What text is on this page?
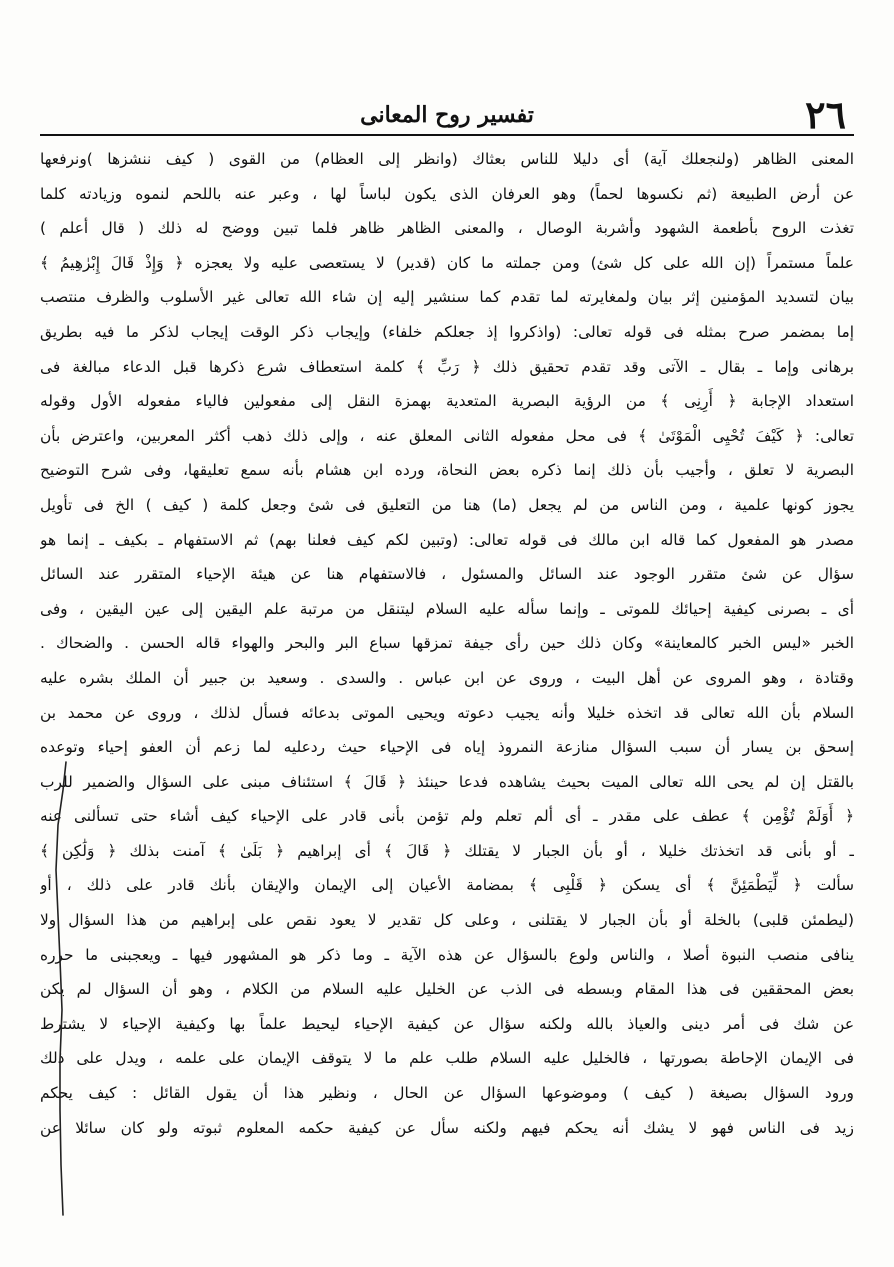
٢٦
تفسير روح المعانى
المعنى الظاهر (ولنجعلك آية) أى دليلا للناس بعثاك (وانظر إلى العظام) من القوى ( كيف ننشزها )ونرفعها
عن أرض الطبيعة (ثم نكسوها لحماً) وهو العرفان الذى يكون لباساً لها ، وعبر عنه باللحم لنموه وزيادته كلما
تغذت الروح بأطعمة الشهود وأشربة الوصال ، والمعنى الظاهر ظاهر فلما تبين ووضح له ذلك ( قال أعلم )
علماً مستمراً (إن الله على كل شئ) ومن جملته ما كان (قدير) لا يستعصى عليه ولا يعجزه ﴿ وَإِذْ قَالَ إِبْرٰهِيمُ ﴾
بيان لتسديد المؤمنين إثر بيان ولمغايرته لما تقدم كما سنشير إليه إن شاء الله تعالى غير الأسلوب والظرف منتصب
إما بمضمر صرح بمثله فى قوله تعالى: (واذكروا إذ جعلكم خلفاء) وإيجاب ذكر الوقت إيجاب لذكر ما فيه بطريق
برهانى وإما ـ بقال ـ الآتى وقد تقدم تحقيق ذلك ﴿ رَبِّ ﴾ كلمة استعطاف شرع ذكرها قبل الدعاء مبالغة فى
استعداد الإجابة ﴿ أَرِنِى ﴾ من الرؤية البصرية المتعدية بهمزة النقل إلى مفعولين فالياء مفعوله الأول وقوله
تعالى: ﴿ كَيْفَ تُحْيِى الْمَوْتَىٰ ﴾ فى محل مفعوله الثانى المعلق عنه ، وإلى ذلك ذهب أكثر المعربين، واعترض بأن
البصرية لا تعلق ، وأجيب بأن ذلك إنما ذكره بعض النحاة، ورده ابن هشام بأنه سمع تعليقها، وفى شرح التوضيح
يجوز كونها علمية ، ومن الناس من لم يجعل (ما) هنا من التعليق فى شئ وجعل كلمة ( كيف ) الخ فى تأويل
مصدر هو المفعول كما قاله ابن مالك فى قوله تعالى: (وتبين لكم كيف فعلنا بهم) ثم الاستفهام ـ بكيف ـ إنما هو
سؤال عن شئ متقرر الوجود عند السائل والمسئول ، فالاستفهام هنا عن هيئة الإحياء المتقرر عند السائل
أى ـ بصرنى كيفية إحيائك للموتى ـ وإنما سأله عليه السلام ليتنقل من مرتبة علم اليقين إلى عين اليقين ، وفى
الخبر «ليس الخبر كالمعاينة» وكان ذلك حين رأى جيفة تمزقها سباع البر والبحر والهواء قاله الحسن . والضحاك .
وقتادة ، وهو المروى عن أهل البيت ، وروى عن ابن عباس . والسدى . وسعيد بن جبير أن الملك بشره عليه
السلام بأن الله تعالى قد اتخذه خليلا وأنه يجيب دعوته ويحيى الموتى بدعائه فسأل لذلك ، وروى عن محمد بن
إسحق بن يسار أن سبب السؤال منازعة النمروذ إياه فى الإحياء حيث ردعليه لما زعم أن العفو إحياء وتوعده
بالقتل إن لم يحى الله تعالى الميت بحيث يشاهده فدعا حينئذ ﴿ قَالَ ﴾ استئناف مبنى على السؤال والضمير للرب
﴿ أَوَلَمْ تُؤْمِن ﴾ عطف على مقدر ـ أى ألم تعلم ولم تؤمن بأنى قادر على الإحياء كيف أشاء حتى تسألنى عنه
ـ أو بأنى قد اتخذتك خليلا ، أو بأن الجبار لا يقتلك ﴿ قَالَ ﴾ أى إبراهيم ﴿ بَلَىٰ ﴾ آمنت بذلك ﴿ وَلَٰكِن ﴾
سألت ﴿ لِّيَطْمَئِنَّ ﴾ أى يسكن ﴿ قَلْبِى ﴾ بمضامة الأعيان إلى الإيمان والإيقان بأنك قادر على ذلك ، أو
(ليطمئن قلبى) بالخلة أو بأن الجبار لا يقتلنى ، وعلى كل تقدير لا يعود نقص على إبراهيم من هذا السؤال ولا
ينافى منصب النبوة أصلا ، والناس ولوع بالسؤال عن هذه الآية ـ وما ذكر هو المشهور فيها ـ ويعجبنى ما حرره
بعض المحققين فى هذا المقام وبسطه فى الذب عن الخليل عليه السلام من الكلام ، وهو أن السؤال لم يكن
عن شك فى أمر دينى والعياذ بالله ولكنه سؤال عن كيفية الإحياء ليحيط علماً بها وكيفية الإحياء لا يشترط
فى الإيمان الإحاطة بصورتها ، فالخليل عليه السلام طلب علم ما لا يتوقف الإيمان على علمه ، ويدل على ذلك
ورود السؤال بصيغة ( كيف ) وموضوعها السؤال عن الحال ، ونظير هذا أن يقول القائل : كيف يحكم
زيد فى الناس فهو لا يشك أنه يحكم فيهم ولكنه سأل عن كيفية حكمه المعلوم ثبوته ولو كان سائلا عن
